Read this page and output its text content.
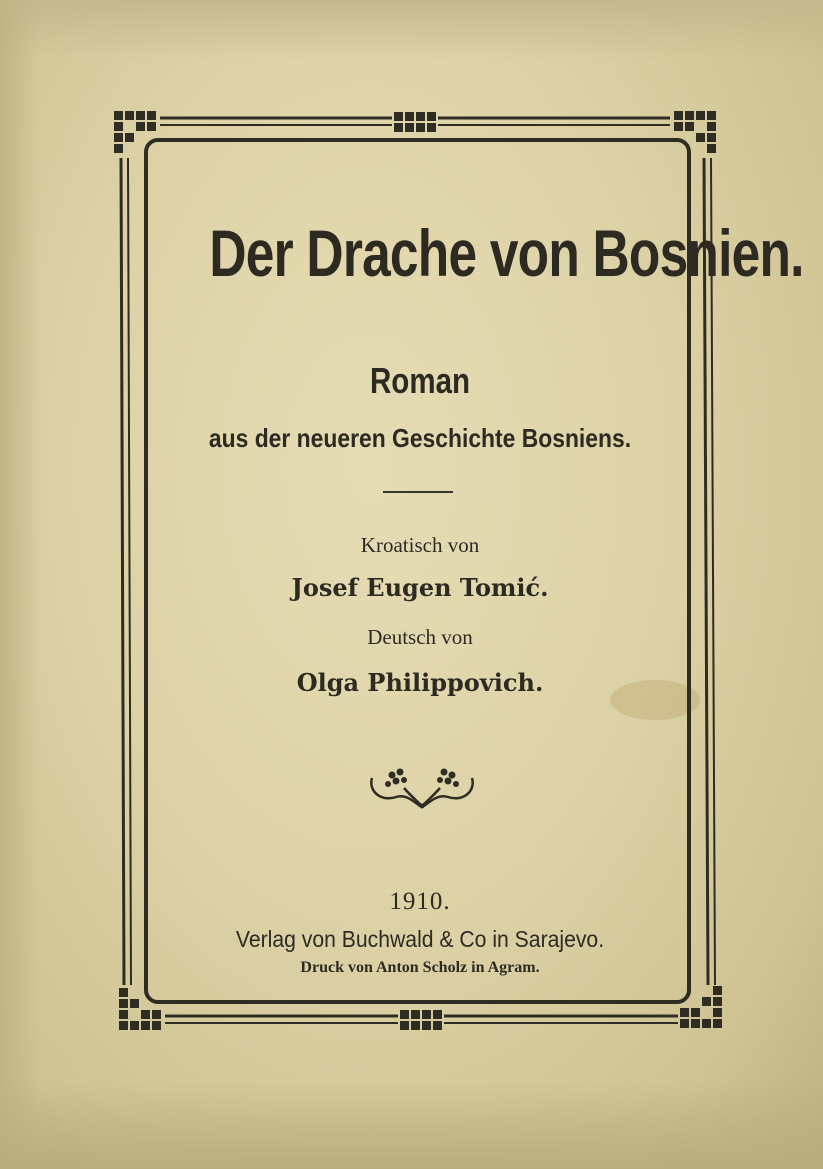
Der Drache von Bosnien.
Roman
aus der neueren Geschichte Bosniens.
Kroatisch von
Josef Eugen Tomić.
Deutsch von
Olga Philippovich.
1910.
Verlag von Buchwald & Co in Sarajevo.
Druck von Anton Scholz in Agram.
